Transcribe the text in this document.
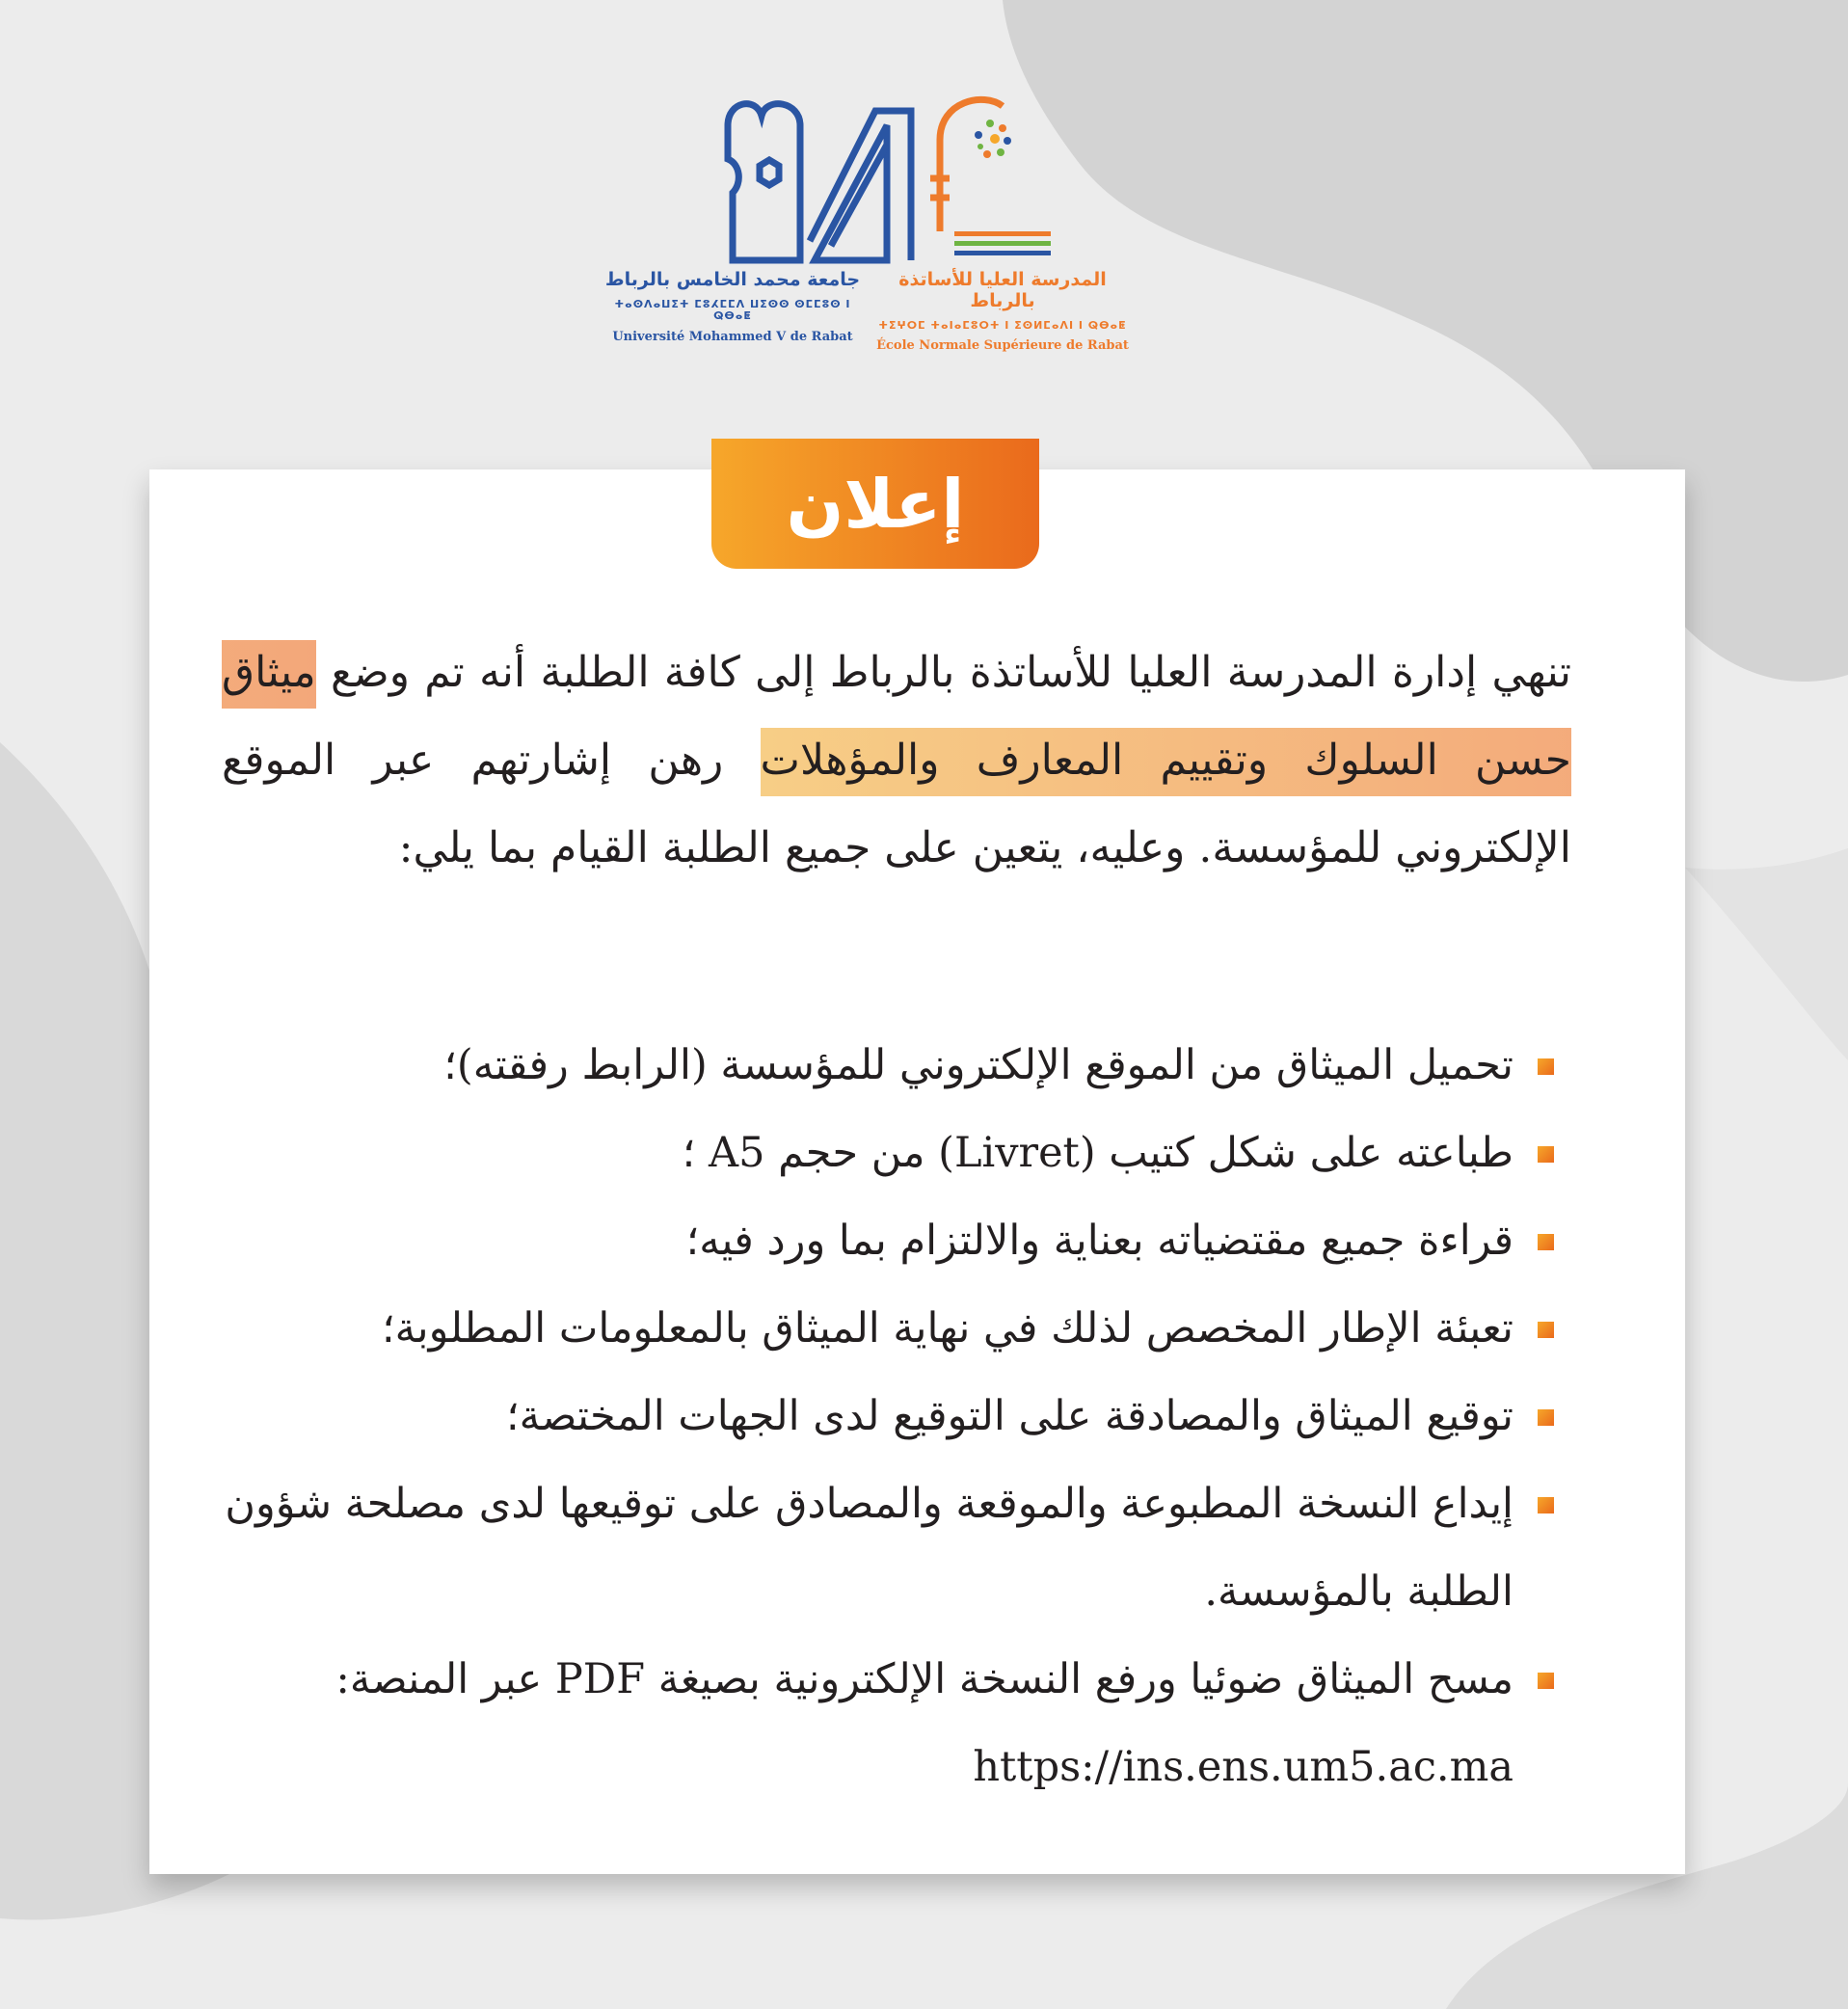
جامعة محمد الخامس بالرباط
ⵜⴰⵙⴷⴰⵡⵉⵜ ⵎⵓⵃⵎⵎⴷ ⵡⵉⵙⵙ ⵙⵎⵎⵓⵙ ⵏ ⵕⴱⴰⵟ
Université Mohammed V de Rabat
المدرسة العليا للأساتذة بالرباط
ⵜⵉⵖⵔⵎ ⵜⴰⵏⴰⵎⵓⵔⵜ ⵏ ⵉⵙⵍⵎⴰⴷⵏ ⵏ ⵕⴱⴰⵟ
École Normale Supérieure de Rabat
إعلان
تنهي إدارة المدرسة العليا للأساتذة بالرباط إلى كافة الطلبة أنه تم وضع ميثاق حسن السلوك وتقييم المعارف والمؤهلات رهن إشارتهم عبر الموقع الإلكتروني للمؤسسة. وعليه، يتعين على جميع الطلبة القيام بما يلي:
تحميل الميثاق من الموقع الإلكتروني للمؤسسة (الرابط رفقته)؛
طباعته على شكل كتيب (Livret) من حجم A5 ؛
قراءة جميع مقتضياته بعناية والالتزام بما ورد فيه؛
تعبئة الإطار المخصص لذلك في نهاية الميثاق بالمعلومات المطلوبة؛
توقيع الميثاق والمصادقة على التوقيع لدى الجهات المختصة؛
إيداع النسخة المطبوعة والموقعة والمصادق على توقيعها لدى مصلحة شؤون الطلبة بالمؤسسة.
مسح الميثاق ضوئيا ورفع النسخة الإلكترونية بصيغة PDF عبر المنصة: https://ins.ens.um5.ac.ma
